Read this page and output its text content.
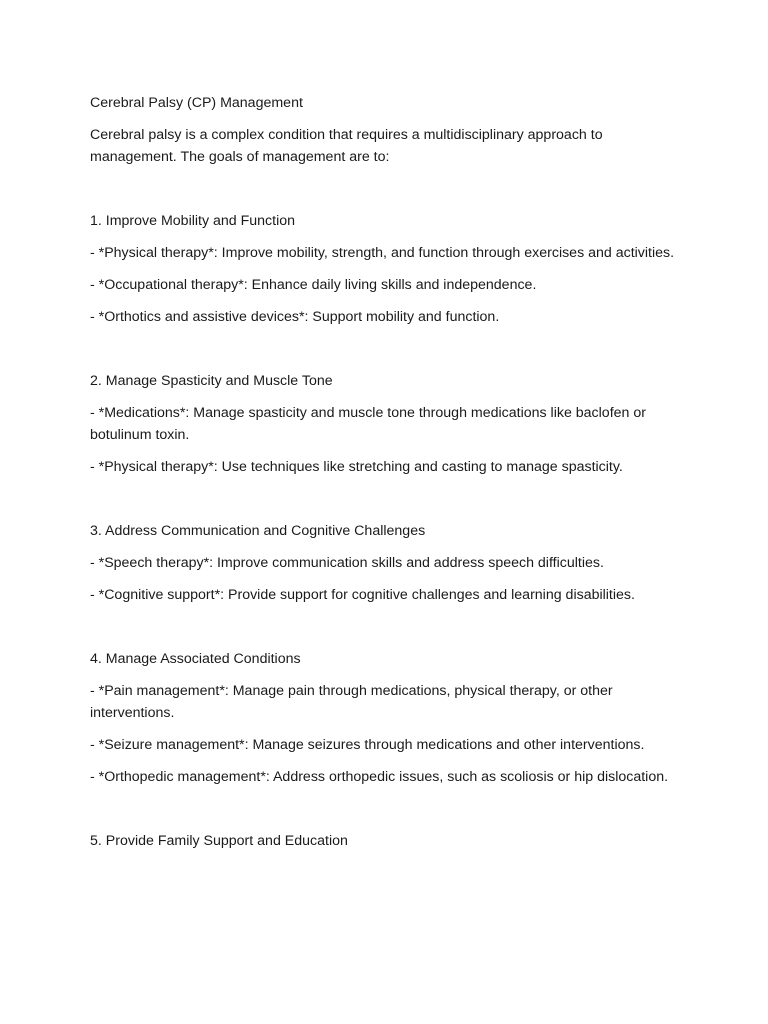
Cerebral Palsy (CP) Management

Cerebral palsy is a complex condition that requires a multidisciplinary approach to management. The goals of management are to:

1. Improve Mobility and Function

- *Physical therapy*: Improve mobility, strength, and function through exercises and activities.

- *Occupational therapy*: Enhance daily living skills and independence.

- *Orthotics and assistive devices*: Support mobility and function.

2. Manage Spasticity and Muscle Tone

- *Medications*: Manage spasticity and muscle tone through medications like baclofen or botulinum toxin.

- *Physical therapy*: Use techniques like stretching and casting to manage spasticity.

3. Address Communication and Cognitive Challenges

- *Speech therapy*: Improve communication skills and address speech difficulties.

- *Cognitive support*: Provide support for cognitive challenges and learning disabilities.

4. Manage Associated Conditions

- *Pain management*: Manage pain through medications, physical therapy, or other interventions.

- *Seizure management*: Manage seizures through medications and other interventions.

- *Orthopedic management*: Address orthopedic issues, such as scoliosis or hip dislocation.

5. Provide Family Support and Education
